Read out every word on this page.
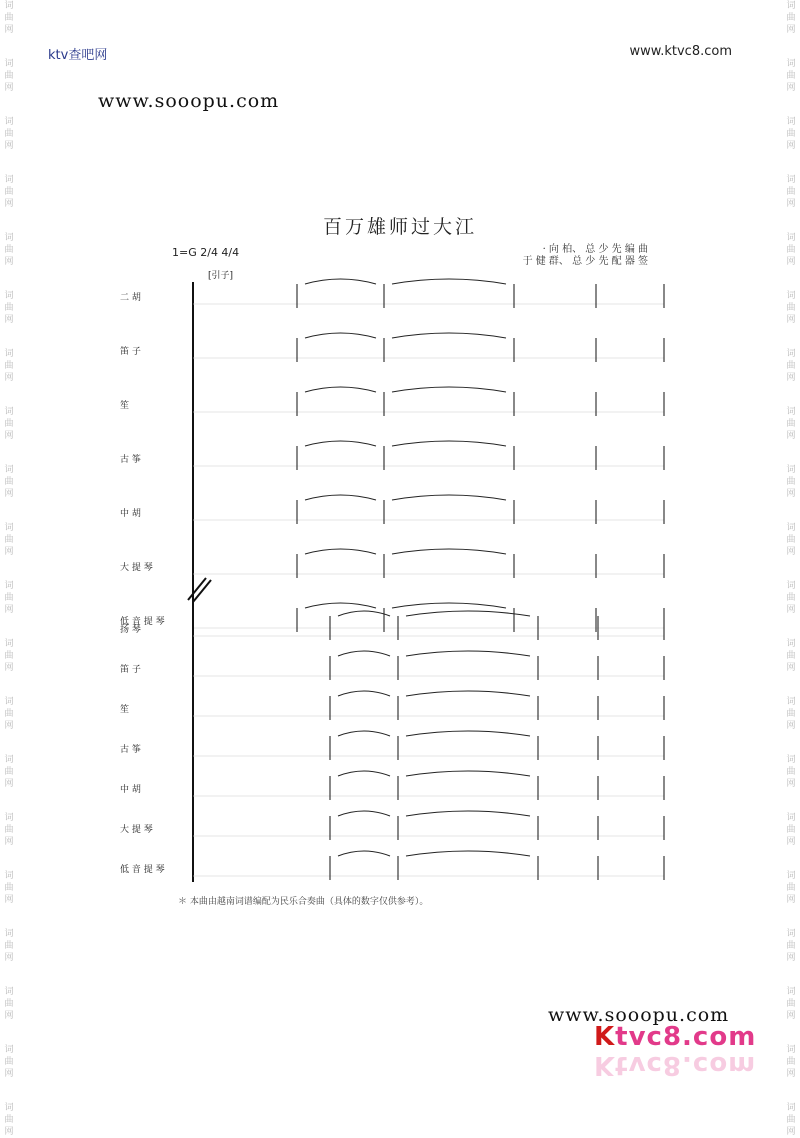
词
曲
网
词
曲
网
词
曲
网
词
曲
网
词
曲
网
词
曲
网
词
曲
网
词
曲
网
词
曲
网
词
曲
网
词
曲
网
词
曲
网
词
曲
网
词
曲
网
词
曲
网
词
曲
网
词
曲
网
词
曲
网
词
曲
网
词
曲
网
词
曲
网
词
曲
网
词
曲
网
词
曲
网
词
曲
网
词
曲
网
词
曲
网
词
曲
网
词
曲
网
词
曲
网
词
曲
网
词
曲
网
词
曲
网
词
曲
网
词
曲
网
词
曲
网
词
曲
网
词
曲
网
词
曲
网
词
曲
网
ktv查吧网	www.ktvc8.com
www.sooopu.com
百万雄师过大江
· 向 柏、 总 少 先 编 曲
于 健 群、 总 少 先 配 器 签
1=G 2/4 4/4
二 胡
笛 子
笙
古 筝
中 胡
大 提 琴
低 音 提 琴
扬 琴
笛 子
笙
古 筝
中 胡
大 提 琴
低 音 提 琴
[引子]
＊ 本曲由越南词谱编配为民乐合奏曲（具体的数字仅供参考）。
www.sooopu.com
Ktvc8.com
Ktvc8.com
